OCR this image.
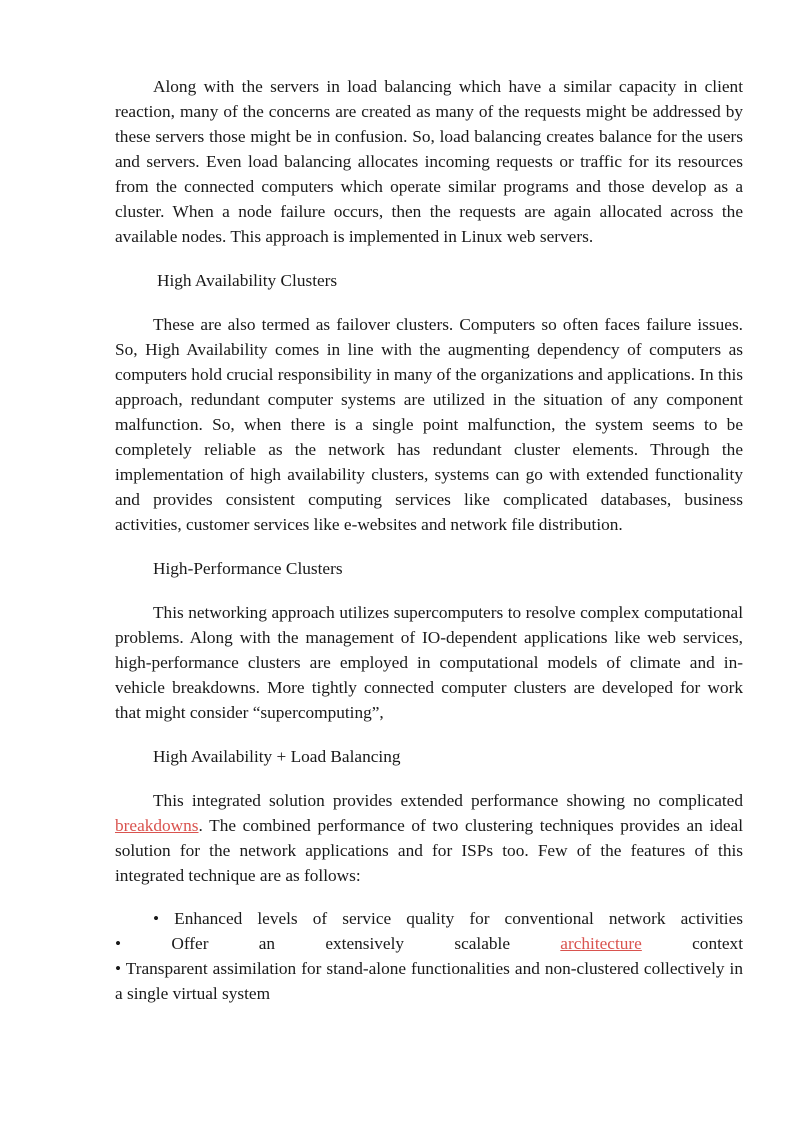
Along with the servers in load balancing which have a similar capacity in client reaction, many of the concerns are created as many of the requests might be addressed by these servers those might be in confusion. So, load balancing creates balance for the users and servers. Even load balancing allocates incoming requests or traffic for its resources from the connected computers which operate similar programs and those develop as a cluster. When a node failure occurs, then the requests are again allocated across the available nodes. This approach is implemented in Linux web servers.

High Availability Clusters

These are also termed as failover clusters. Computers so often faces failure issues. So, High Availability comes in line with the augmenting dependency of computers as computers hold crucial responsibility in many of the organizations and applications. In this approach, redundant computer systems are utilized in the situation of any component malfunction. So, when there is a single point malfunction, the system seems to be completely reliable as the network has redundant cluster elements. Through the implementation of high availability clusters, systems can go with extended functionality and provides consistent computing services like complicated databases, business activities, customer services like e-websites and network file distribution.

High-Performance Clusters

This networking approach utilizes supercomputers to resolve complex computational problems. Along with the management of IO-dependent applications like web services, high-performance clusters are employed in computational models of climate and in-vehicle breakdowns. More tightly connected computer clusters are developed for work that might consider “supercomputing”,

High Availability + Load Balancing

This integrated solution provides extended performance showing no complicated breakdowns. The combined performance of two clustering techniques provides an ideal solution for the network applications and for ISPs too. Few of the features of this integrated technique are as follows:

• Enhanced levels of service quality for conventional network activities

• Offer an extensively scalable architecture context

• Transparent assimilation for stand-alone functionalities and non-clustered collectively in a single virtual system
